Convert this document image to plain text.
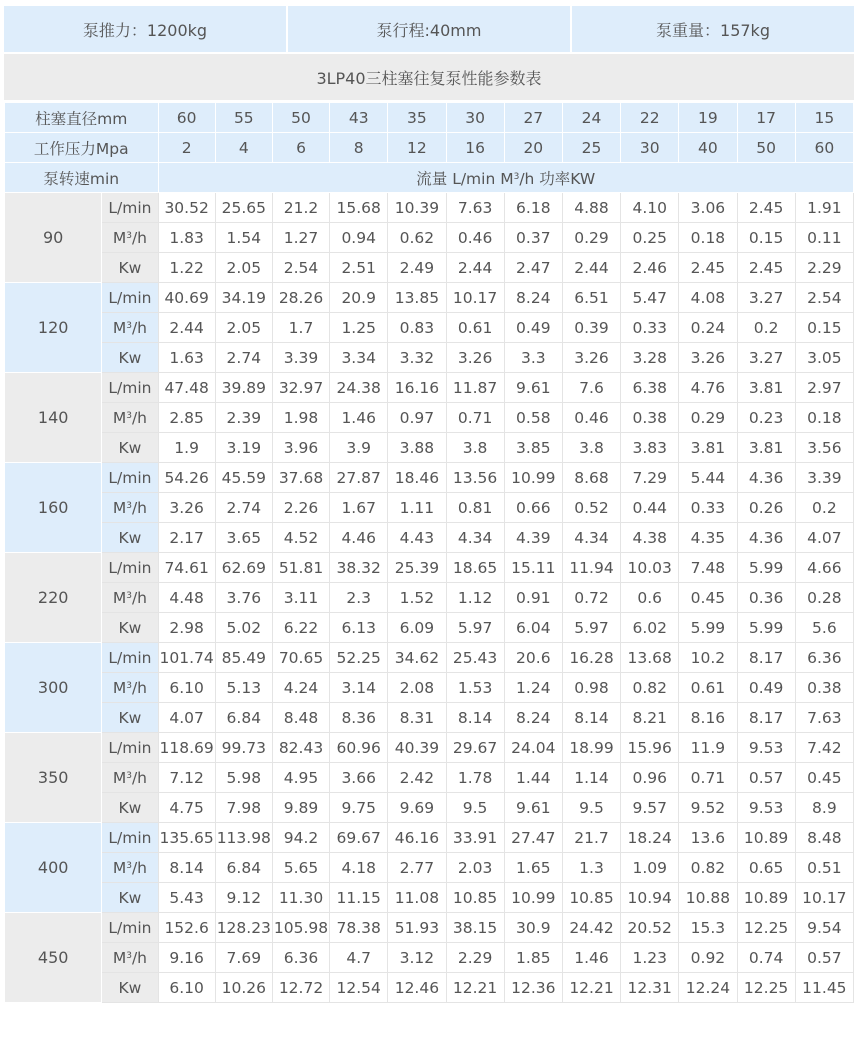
泵推力：1200kg	泵行程:40mm	泵重量：157kg
3LP40三柱塞往复泵性能参数表
柱塞直径mm		60	55	50	43	35	30	27	24	22	19	17	15
工作压力Mpa		2	4	6	8	12	16	20	25	30	40	50	60
泵转速min		流量 L/min $M^3/h$ 功率KW											
90	L/min	30.52	25.65	21.2	15.68	10.39	7.63	6.18	4.88	4.10	3.06	2.45	1.91
	$M^3/h$	1.83	1.54	1.27	0.94	0.62	0.46	0.37	0.29	0.25	0.18	0.15	0.11
	Kw	1.22	2.05	2.54	2.51	2.49	2.44	2.47	2.44	2.46	2.45	2.45	2.29
120	L/min	40.69	34.19	28.26	20.9	13.85	10.17	8.24	6.51	5.47	4.08	3.27	2.54
	$M^3/h$	2.44	2.05	1.7	1.25	0.83	0.61	0.49	0.39	0.33	0.24	0.2	0.15
	Kw	1.63	2.74	3.39	3.34	3.32	3.26	3.3	3.26	3.28	3.26	3.27	3.05
140	L/min	47.48	39.89	32.97	24.38	16.16	11.87	9.61	7.6	6.38	4.76	3.81	2.97
	$M^3/h$	2.85	2.39	1.98	1.46	0.97	0.71	0.58	0.46	0.38	0.29	0.23	0.18
	Kw	1.9	3.19	3.96	3.9	3.88	3.8	3.85	3.8	3.83	3.81	3.81	3.56
160	L/min	54.26	45.59	37.68	27.87	18.46	13.56	10.99	8.68	7.29	5.44	4.36	3.39
	$M^3/h$	3.26	2.74	2.26	1.67	1.11	0.81	0.66	0.52	0.44	0.33	0.26	0.2
	Kw	2.17	3.65	4.52	4.46	4.43	4.34	4.39	4.34	4.38	4.35	4.36	4.07
220	L/min	74.61	62.69	51.81	38.32	25.39	18.65	15.11	11.94	10.03	7.48	5.99	4.66
	$M^3/h$	4.48	3.76	3.11	2.3	1.52	1.12	0.91	0.72	0.6	0.45	0.36	0.28
	Kw	2.98	5.02	6.22	6.13	6.09	5.97	6.04	5.97	6.02	5.99	5.99	5.6
300	L/min	101.74	85.49	70.65	52.25	34.62	25.43	20.6	16.28	13.68	10.2	8.17	6.36
	$M^3/h$	6.10	5.13	4.24	3.14	2.08	1.53	1.24	0.98	0.82	0.61	0.49	0.38
	Kw	4.07	6.84	8.48	8.36	8.31	8.14	8.24	8.14	8.21	8.16	8.17	7.63
350	L/min	118.69	99.73	82.43	60.96	40.39	29.67	24.04	18.99	15.96	11.9	9.53	7.42
	$M^3/h$	7.12	5.98	4.95	3.66	2.42	1.78	1.44	1.14	0.96	0.71	0.57	0.45
	Kw	4.75	7.98	9.89	9.75	9.69	9.5	9.61	9.5	9.57	9.52	9.53	8.9
400	L/min	135.65	113.98	94.2	69.67	46.16	33.91	27.47	21.7	18.24	13.6	10.89	8.48
	$M^3/h$	8.14	6.84	5.65	4.18	2.77	2.03	1.65	1.3	1.09	0.82	0.65	0.51
	Kw	5.43	9.12	11.30	11.15	11.08	10.85	10.99	10.85	10.94	10.88	10.89	10.17
450	L/min	152.6	128.23	105.98	78.38	51.93	38.15	30.9	24.42	20.52	15.3	12.25	9.54
	$M^3/h$	9.16	7.69	6.36	4.7	3.12	2.29	1.85	1.46	1.23	0.92	0.74	0.57
	Kw	6.10	10.26	12.72	12.54	12.46	12.21	12.36	12.21	12.31	12.24	12.25	11.45
